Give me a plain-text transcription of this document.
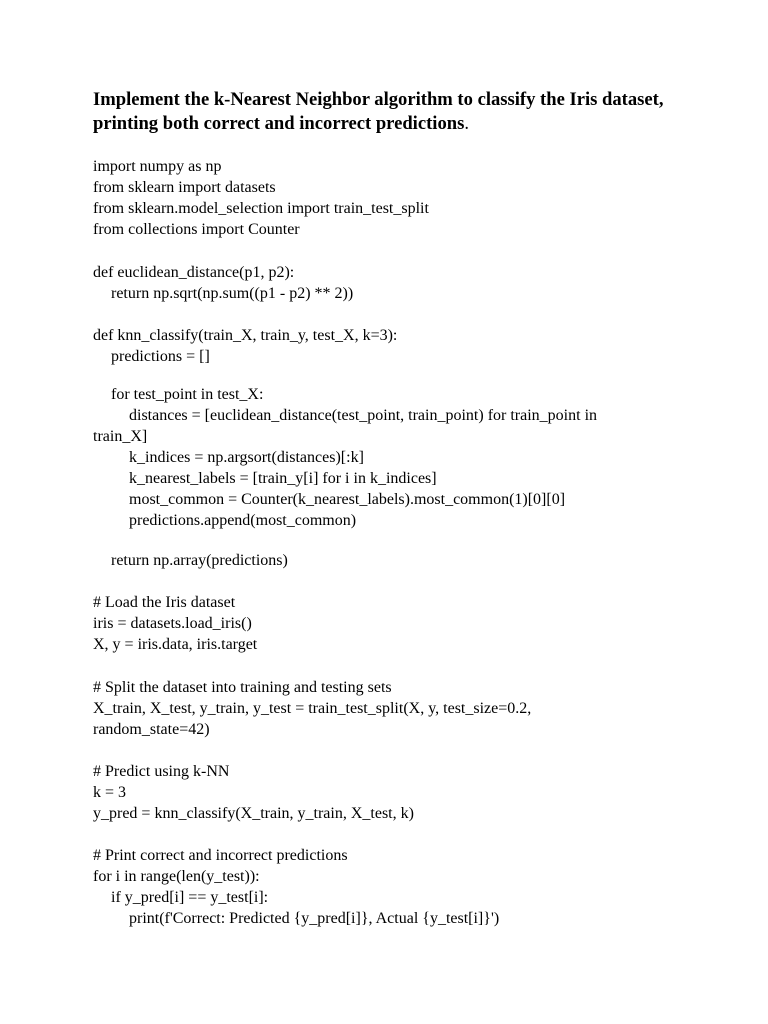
Implement the k-Nearest Neighbor algorithm to classify the Iris dataset, printing both correct and incorrect predictions.

import numpy as np
from sklearn import datasets
from sklearn.model_selection import train_test_split
from collections import Counter
def euclidean_distance(p1, p2):
return np.sqrt(np.sum((p1 - p2) ** 2))
def knn_classify(train_X, train_y, test_X, k=3):
predictions = []
for test_point in test_X:
distances = [euclidean_distance(test_point, train_point) for train_point in
train_X]
k_indices = np.argsort(distances)[:k]
k_nearest_labels = [train_y[i] for i in k_indices]
most_common = Counter(k_nearest_labels).most_common(1)[0][0]
predictions.append(most_common)
return np.array(predictions)
# Load the Iris dataset
iris = datasets.load_iris()
X, y = iris.data, iris.target
# Split the dataset into training and testing sets
X_train, X_test, y_train, y_test = train_test_split(X, y, test_size=0.2,
random_state=42)
# Predict using k-NN
k = 3
y_pred = knn_classify(X_train, y_train, X_test, k)
# Print correct and incorrect predictions
for i in range(len(y_test)):
if y_pred[i] == y_test[i]:
print(f'Correct: Predicted {y_pred[i]}, Actual {y_test[i]}')
